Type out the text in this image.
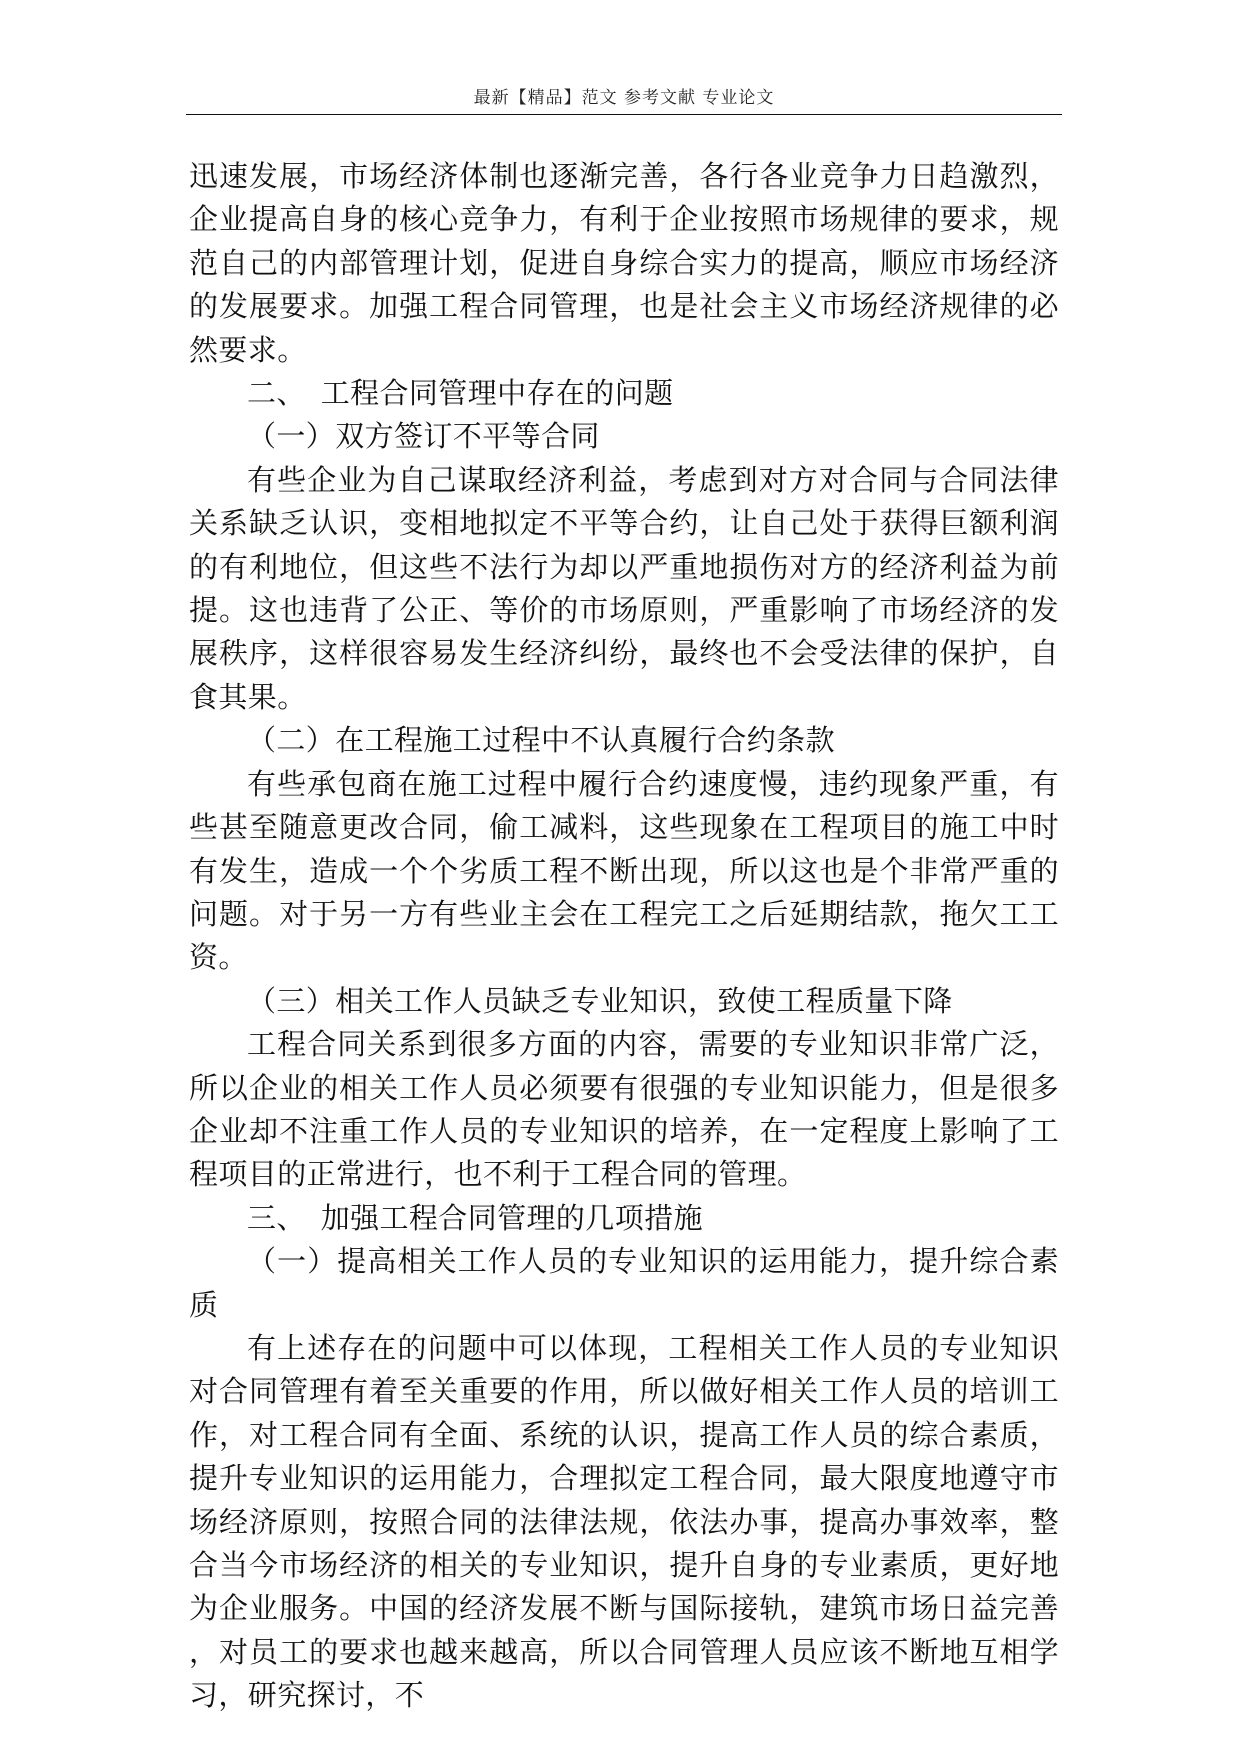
最新【精品】范文 参考文献 专业论文

迅速发展，市场经济体制也逐渐完善，各行各业竞争力日趋激烈，企业提高自身的核心竞争力，有利于企业按照市场规律的要求，规范自己的内部管理计划，促进自身综合实力的提高，顺应市场经济的发展要求。加强工程合同管理，也是社会主义市场经济规律的必然要求。

二、　工程合同管理中存在的问题

（一）双方签订不平等合同

有些企业为自己谋取经济利益，考虑到对方对合同与合同法律关系缺乏认识，变相地拟定不平等合约，让自己处于获得巨额利润的有利地位，但这些不法行为却以严重地损伤对方的经济利益为前提。这也违背了公正、等价的市场原则，严重影响了市场经济的发展秩序，这样很容易发生经济纠纷，最终也不会受法律的保护，自食其果。

（二）在工程施工过程中不认真履行合约条款

有些承包商在施工过程中履行合约速度慢，违约现象严重，有些甚至随意更改合同，偷工减料，这些现象在工程项目的施工中时有发生，造成一个个劣质工程不断出现，所以这也是个非常严重的问题。对于另一方有些业主会在工程完工之后延期结款，拖欠工工资。

（三）相关工作人员缺乏专业知识，致使工程质量下降

工程合同关系到很多方面的内容，需要的专业知识非常广泛，所以企业的相关工作人员必须要有很强的专业知识能力，但是很多企业却不注重工作人员的专业知识的培养，在一定程度上影响了工程项目的正常进行，也不利于工程合同的管理。

三、　加强工程合同管理的几项措施

（一）提高相关工作人员的专业知识的运用能力，提升综合素质

有上述存在的问题中可以体现，工程相关工作人员的专业知识对合同管理有着至关重要的作用，所以做好相关工作人员的培训工作，对工程合同有全面、系统的认识，提高工作人员的综合素质，提升专业知识的运用能力，合理拟定工程合同，最大限度地遵守市场经济原则，按照合同的法律法规，依法办事，提高办事效率，整合当今市场经济的相关的专业知识，提升自身的专业素质，更好地为企业服务。中国的经济发展不断与国际接轨，建筑市场日益完善，对员工的要求也越来越高，所以合同管理人员应该不断地互相学习，研究探讨，不
